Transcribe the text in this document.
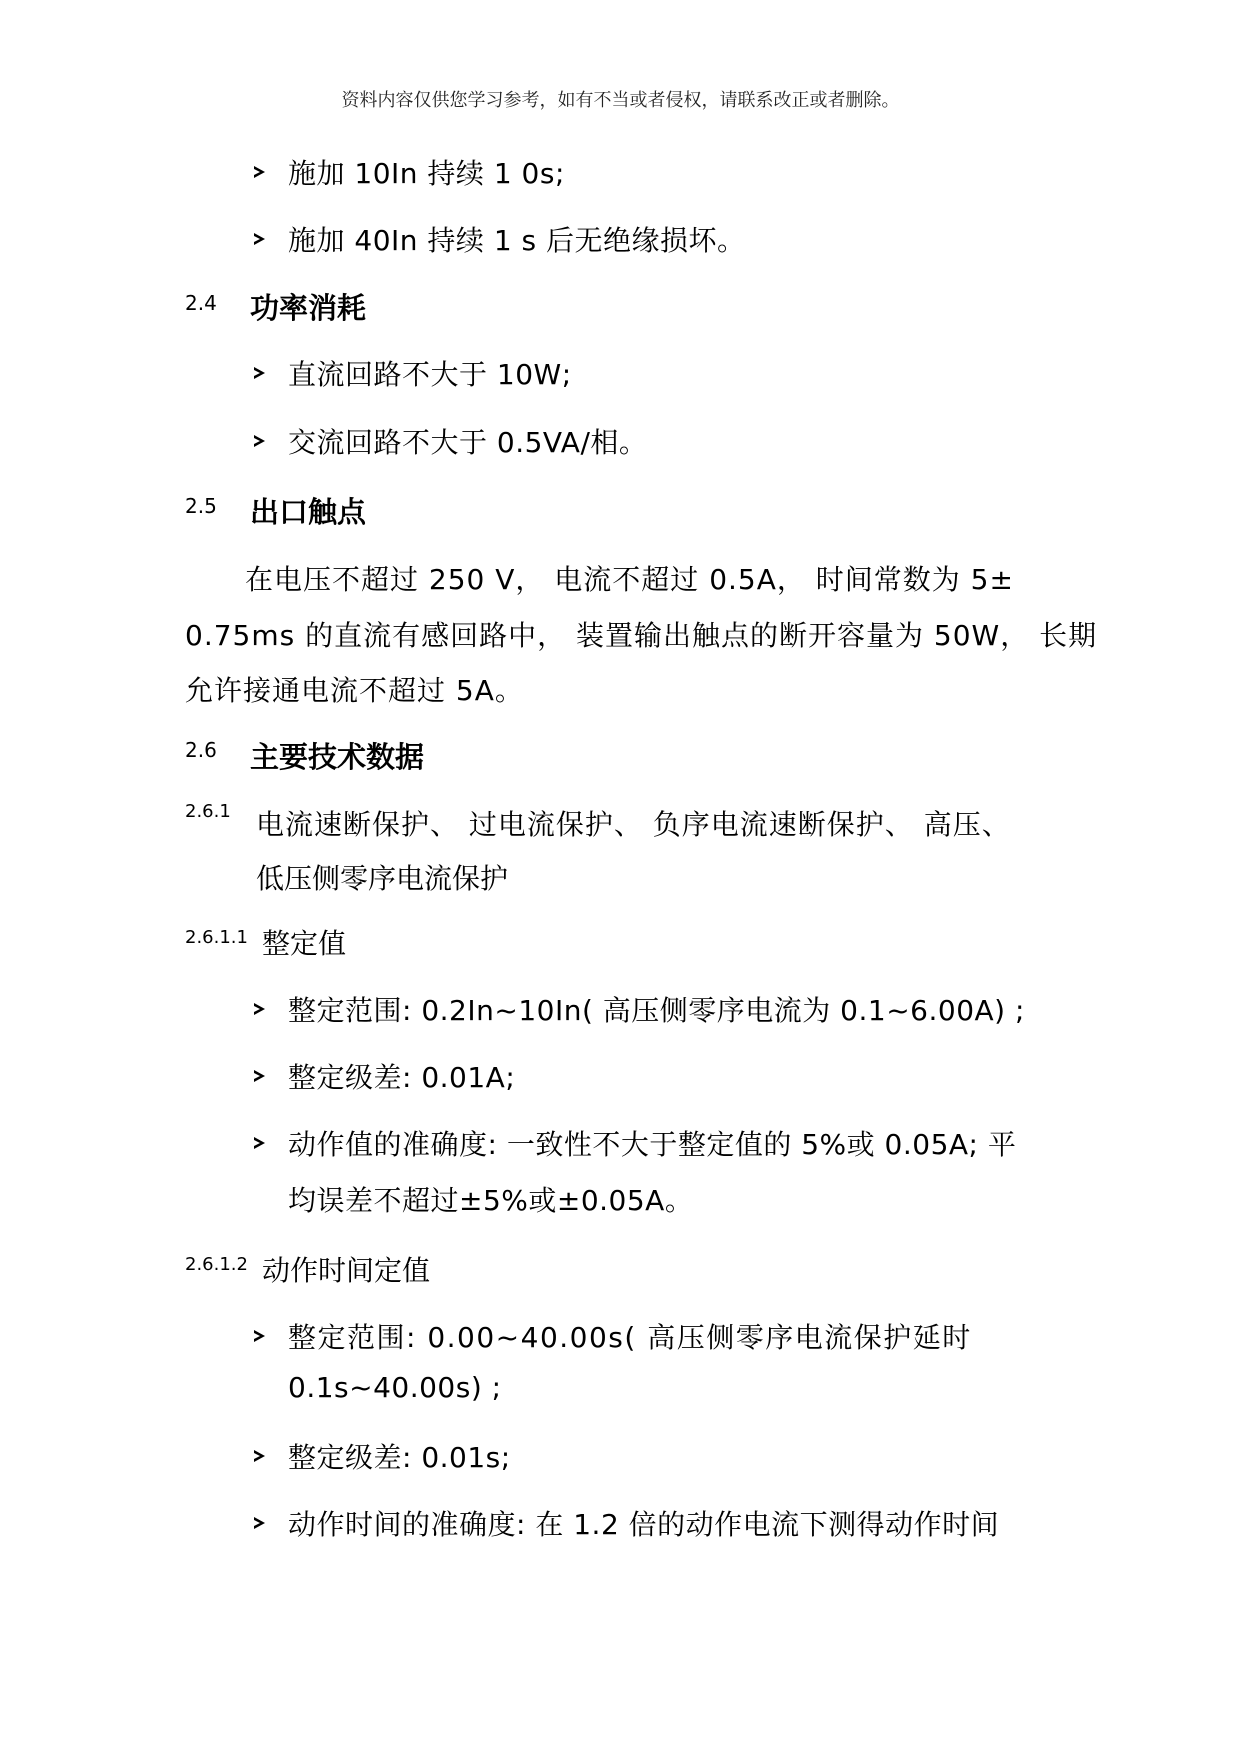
资料内容仅供您学习参考，如有不当或者侵权，请联系改正或者删除。
施加 10In 持续 1 0s;
施加 40In 持续 1 s 后无绝缘损坏。
2.4 功率消耗
直流回路不大于 10W;
交流回路不大于 0.5VA/相。
2.5 出口触点
在电压不超过 250 V， 电流不超过 0.5A， 时间常数为 5±
0.75ms 的直流有感回路中， 装置输出触点的断开容量为 50W， 长期
允许接通电流不超过 5A。
2.6 主要技术数据
2.6.1 电流速断保护、 过电流保护、 负序电流速断保护、 高压、
低压侧零序电流保护
2.6.1.1 整定值
整定范围: 0.2In~10In( 高压侧零序电流为 0.1~6.00A) ;
整定级差: 0.01A;
动作值的准确度: 一致性不大于整定值的 5%或 0.05A; 平
均误差不超过±5%或±0.05A。
2.6.1.2 动作时间定值
整定范围: 0.00~40.00s( 高压侧零序电流保护延时
0.1s~40.00s) ;
整定级差: 0.01s;
动作时间的准确度: 在 1.2 倍的动作电流下测得动作时间
